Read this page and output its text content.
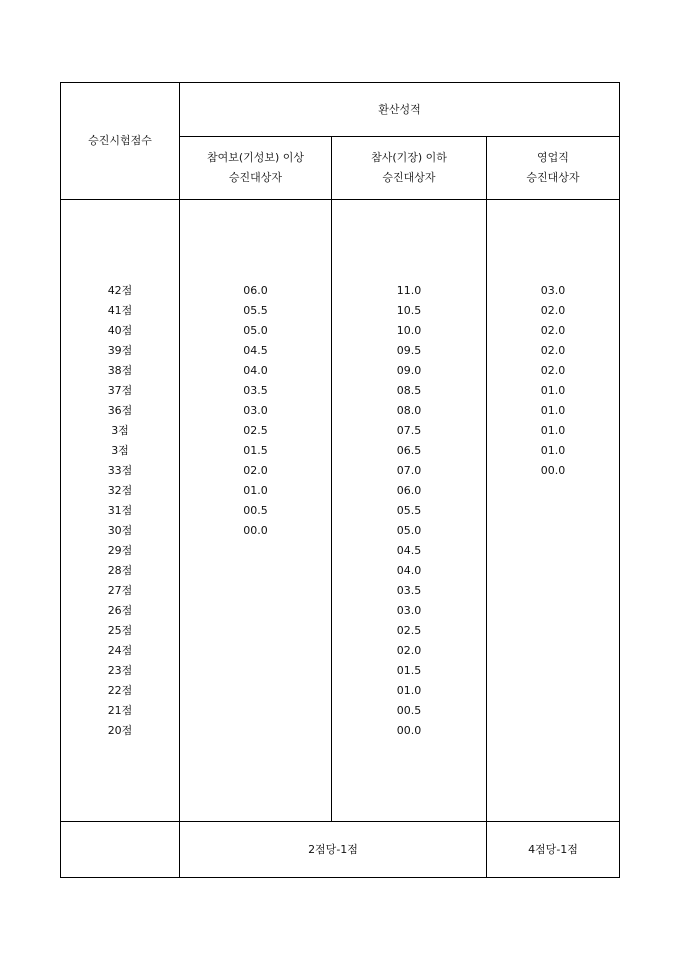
승진시험점수
환산성적
참여보(기성보) 이상
승진대상자
참사(기장) 이하
승진대상자
영업직
승진대상자
42점
41점
40점
39점
38점
37점
36점
3점
3점
33점
32점
31점
30점
29점
28점
27점
26점
25점
24점
23점
22점
21점
20점
06.0
05.5
05.0
04.5
04.0
03.5
03.0
02.5
01.5
02.0
01.0
00.5
00.0
11.0
10.5
10.0
09.5
09.0
08.5
08.0
07.5
06.5
07.0
06.0
05.5
05.0
04.5
04.0
03.5
03.0
02.5
02.0
01.5
01.0
00.5
00.0
03.0
02.0
02.0
02.0
02.0
01.0
01.0
01.0
01.0
00.0
2점당-1점	4점당-1점
